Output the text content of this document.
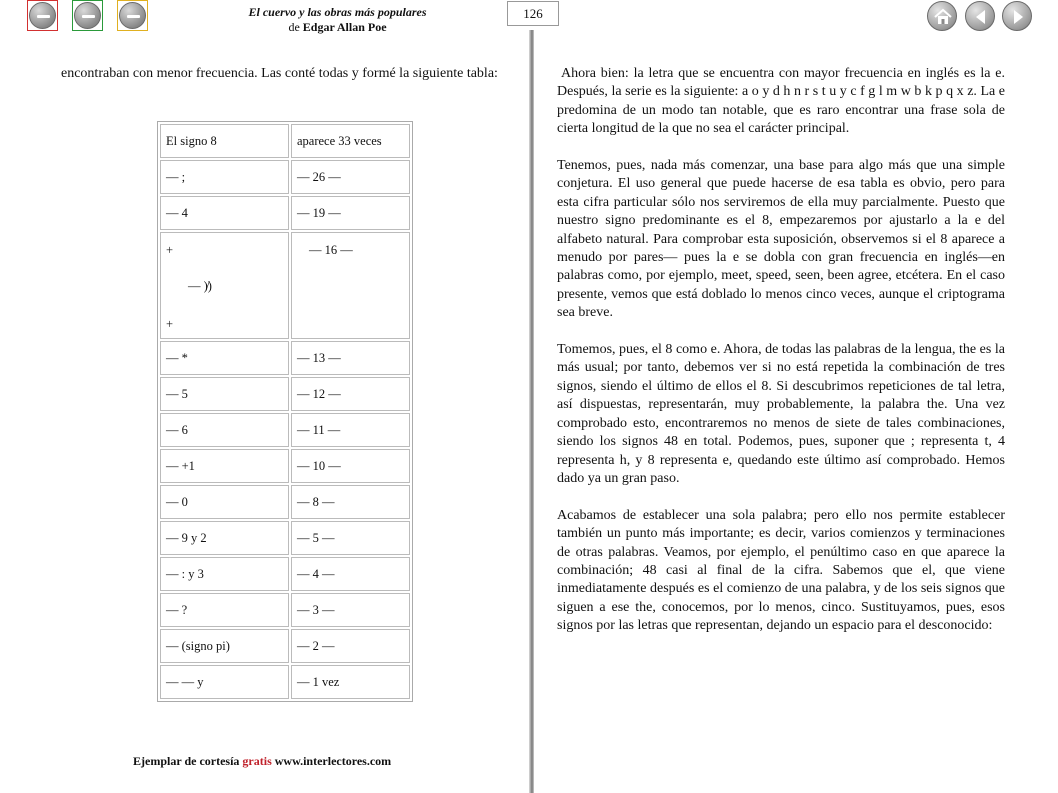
El cuervo y las obras más populares
de Edgar Allan Poe
126
encontraban con menor frecuencia. Las conté todas y formé la siguiente tabla:
El signo 8	aparece 33 veces
— ;	— 26 —
— 4	— 19 —

+
— )̸)
+	— 16 —
— *	— 13 —
— 5	— 12 —
— 6	— 11 —
— +1	— 10 —
— 0	— 8 —
— 9 y 2	— 5 —
— : y 3	— 4 —
— ?	— 3 —
— (signo pi)	— 2 —
— — y	— 1 vez

Ahora bien: la letra que se encuentra con mayor frecuencia en inglés es la e. Después, la serie es la siguiente: a o y d h n r s t u y c f g l m w b k p q x z. La e predomina de un modo tan notable, que es raro encontrar una frase sola de cierta longitud de la que no sea el carácter principal.

Tenemos, pues, nada más comenzar, una base para algo más que una simple conjetura. El uso general que puede hacerse de esa tabla es obvio, pero para esta cifra particular sólo nos serviremos de ella muy parcialmente. Puesto que nuestro signo predominante es el 8, empezaremos por ajustarlo a la e del alfabeto natural. Para comprobar esta suposición, observemos si el 8 aparece a menudo por pares— pues la e se dobla con gran frecuencia en inglés—en palabras como, por ejemplo, meet, speed, seen, been agree, etcétera. En el caso presente, vemos que está doblado lo menos cinco veces, aunque el criptograma sea breve.

Tomemos, pues, el 8 como e. Ahora, de todas las palabras de la lengua, the es la más usual; por tanto, debemos ver si no está repetida la combinación de tres signos, siendo el último de ellos el 8. Si descubrimos repeticiones de tal letra, así dispuestas, representarán, muy probablemente, la palabra the. Una vez comprobado esto, encontraremos no menos de siete de tales combinaciones, siendo los signos 48 en total. Podemos, pues, suponer que ; representa t, 4 representa h, y 8 representa e, quedando este último así comprobado. Hemos dado ya un gran paso.

Acabamos de establecer una sola palabra; pero ello nos permite establecer también un punto más importante; es decir, varios comienzos y terminaciones de otras palabras. Veamos, por ejemplo, el penúltimo caso en que aparece la combinación; 48 casi al final de la cifra. Sabemos que el, que viene inmediatamente después es el comienzo de una palabra, y de los seis signos que siguen a ese the, conocemos, por lo menos, cinco. Sustituyamos, pues, esos signos por las letras que representan, dejando un espacio para el desconocido:

Ejemplar de cortesía gratis www.interlectores.com
